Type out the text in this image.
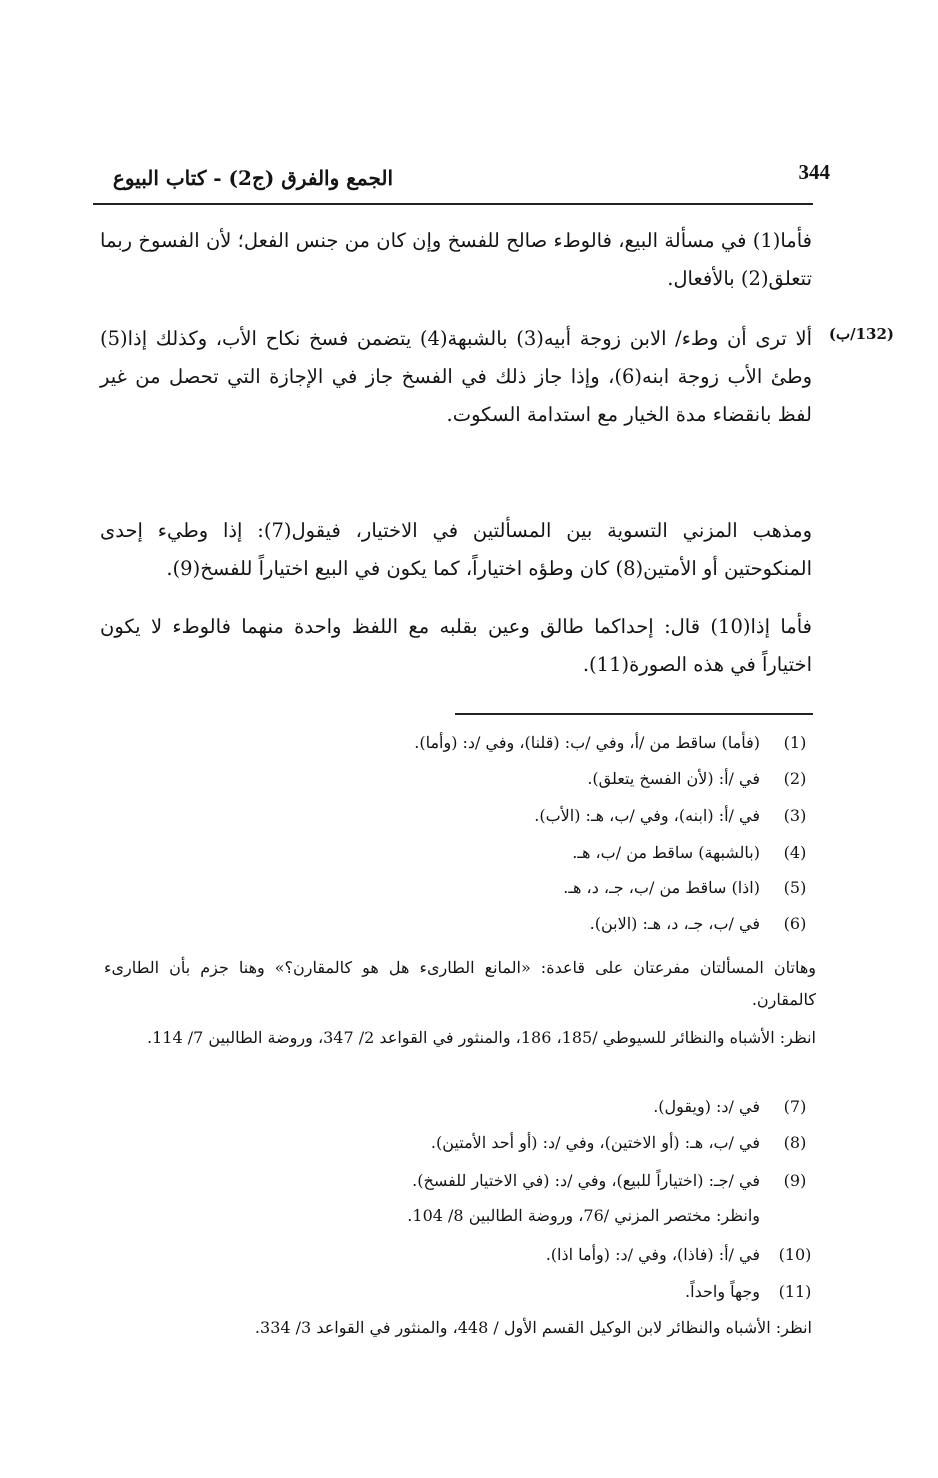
الجمع والفرق (ج2) - كتاب البيوع	344
فأما(1) في مسألة البيع، فالوطء صالح للفسخ وإن كان من جنس الفعل؛ لأن الفسوخ ربما تتعلق(2) بالأفعال.
(132/ب)
ألا ترى أن وطء/ الابن زوجة أبيه(3) بالشبهة(4) يتضمن فسخ نكاح الأب، وكذلك إذا(5) وطئ الأب زوجة ابنه(6)، وإذا جاز ذلك في الفسخ جاز في الإجازة التي تحصل من غير لفظ بانقضاء مدة الخيار مع استدامة السكوت.
ومذهب المزني التسوية بين المسألتين في الاختيار، فيقول(7): إذا وطيء إحدى المنكوحتين أو الأمتين(8) كان وطؤه اختياراً، كما يكون في البيع اختياراً للفسخ(9).
فأما إذا(10) قال: إحداكما طالق وعين بقلبه مع اللفظ واحدة منهما فالوطء لا يكون اختياراً في هذه الصورة(11).
(1)
(فأما) ساقط من /أ، وفي /ب: (قلنا)، وفي /د: (وأما).
(2)
في /أ: (لأن الفسخ يتعلق).
(3)
في /أ: (ابنه)، وفي /ب، هـ: (الأب).
(4)
(بالشبهة) ساقط من /ب، هـ.
(5)
(اذا) ساقط من /ب، جـ، د، هـ.
(6)
في /ب، جـ، د، هـ: (الابن).
وهاتان المسألتان مفرعتان على قاعدة: «المانع الطارىء هل هو كالمقارن؟» وهنا جزم بأن الطارىء كالمقارن.
انظر: الأشباه والنظائر للسيوطي /185، 186، والمنثور في القواعد 2/ 347، وروضة الطالبين 7/ 114.
(7)
في /د: (ويقول).
(8)
في /ب، هـ: (أو الاختين)، وفي /د: (أو أحد الأمتين).
(9)
في /جـ: (اختياراً للبيع)، وفي /د: (في الاختيار للفسخ).
وانظر: مختصر المزني /76، وروضة الطالبين 8/ 104.
(10)
في /أ: (فاذا)، وفي /د: (وأما اذا).
(11)
وجهاً واحداً.
انظر: الأشباه والنظائر لابن الوكيل القسم الأول / 448، والمنثور في القواعد 3/ 334.
